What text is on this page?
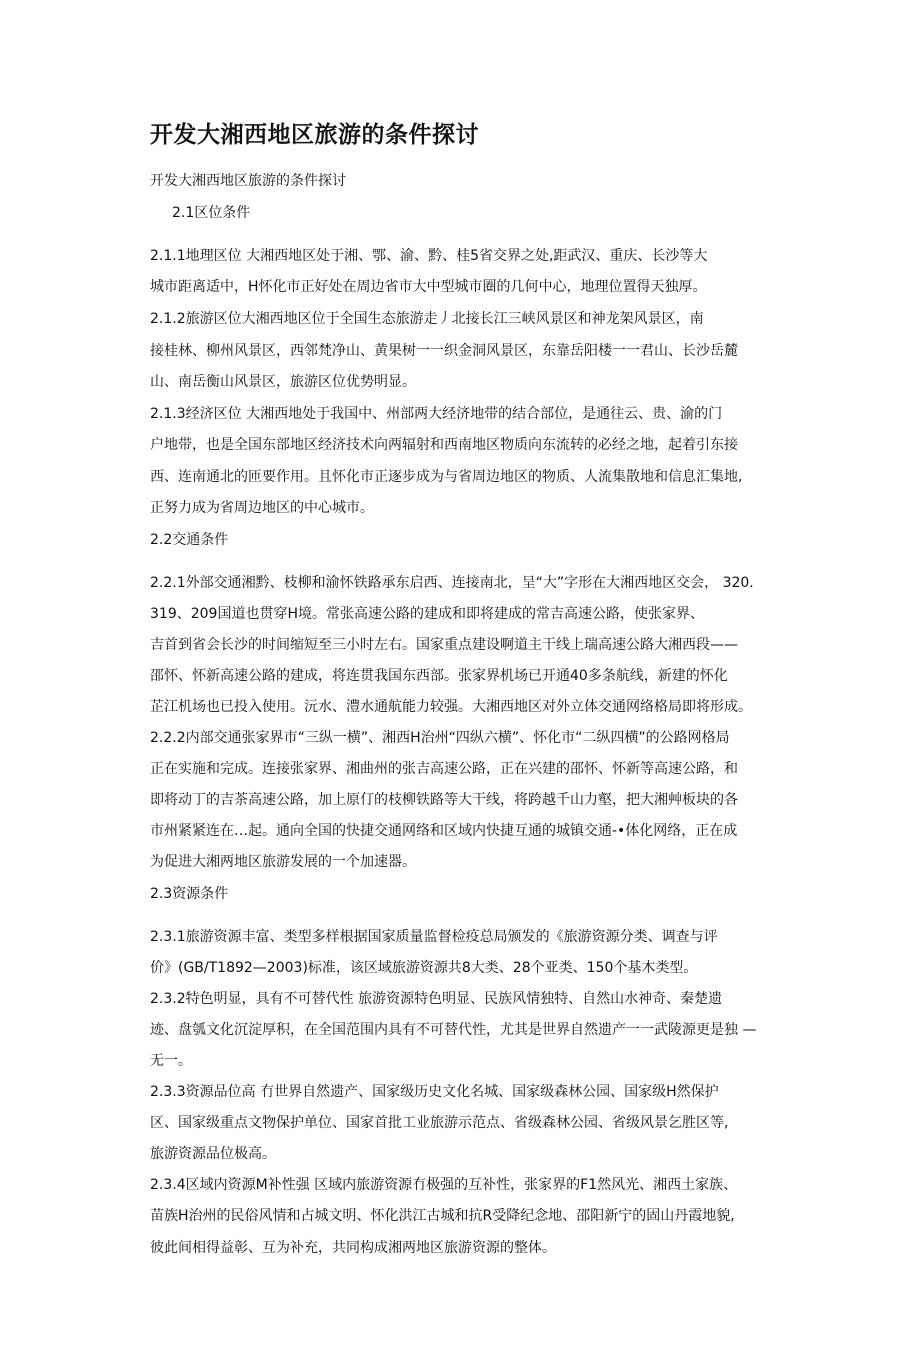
开发大湘西地区旅游的条件探讨
开发大湘西地区旅游的条件探讨
2.1区位条件
2.1.1地理区位 大湘西地区处于湘、鄂、渝、黔、桂5省交界之处,距武汉、重庆、长沙等大
城市距离适中，H怀化市正好处在周边省市大中型城市圈的几何中心，地理位置得天独厚。
2.1.2旅游区位大湘西地区位于全国生态旅游走丿北接长江三峡风景区和神龙架风景区，南
接桂林、柳州风景区，西邻梵净山、黄果树一一织金洞风景区，东靠岳阳楼一一君山、长沙岳麓
山、南岳衡山风景区，旅游区位优势明显。
2.1.3经济区位 大湘西地处于我国中、州部两大经济地带的结合部位，是通往云、贵、渝的门
户地带，也是全国东部地区经济技术向两辐射和西南地区物质向东流转的必经之地，起着引东接
西、连南通北的匝要作用。且怀化市正逐步成为与省周边地区的物质、人流集散地和信息汇集地,
正努力成为省周边地区的中心城市。
2.2交通条件
2.2.1外部交通湘黔、枝柳和渝怀铁路承东启西、连接南北，呈“大”字形在大湘西地区交会， 320.
319、209国道也贯穿H境。常张高速公路的建成和即将建成的常吉高速公路，使张家界、
吉首到省会长沙的时间缩短至三小时左右。国家重点建设啊道主干线上瑞高速公路大湘西段——
邵怀、怀新高速公路的建成，将连贯我国东西部。张家界机场已开通40多条航线，新建的怀化
芷江机场也已投入使用。沅水、澧水通航能力较强。大湘西地区对外立体交通网络格局即将形成。
2.2.2内部交通张家界市“三纵一横”、湘西H治州“四纵六横”、怀化市“二纵四横”的公路网格局
正在实施和完成。连接张家界、湘曲州的张吉高速公路，正在兴建的邵怀、怀新等高速公路，和
即将动丁的吉茶高速公路，加上原仃的枝柳铁路等大干线，将跨越千山力壑，把大湘艸板块的各
市州紧紧连在…起。通向全国的快捷交通网络和区域内快捷互通的城镇交通-•体化网络，正在成
为促进大湘两地区旅游发展的一个加速器。
2.3资源条件
2.3.1旅游资源丰富、类型多样根据国家质量监督检疫总局颁发的《旅游资源分类、调查与评
价》(GB/T1892—2003)标准，该区域旅游资源共8大类、28个亚类、150个基木类型。
2.3.2特色明显，具有不可替代性 旅游资源特色明显、民族风情独特、自然山水神奇、秦楚遗
迹、盘瓠文化沉淀厚积，在全国范围内具有不可替代性，尤其是世界自然遗产一一武陵源更是独 —
无一。
2.3.3资源品位高 冇世界自然遗产、国家级历史文化名城、国家级森林公园、国家级H然保护
区、国家级重点文物保护单位、国家首批工业旅游示范点、省级森林公园、省级风景乞胜区等,
旅游资源品位极高。
2.3.4区域内资源M补性强 区域内旅游资源冇极强的互补性，张家界的F1然风光、湘西土家族、
苗族H治州的民俗风情和占城文明、怀化洪江古城和抗R受降纪念地、邵阳新宁的固山丹霞地貌,
彼此间相得益彰、互为补充，共同构成湘两地区旅游资源的整体。
